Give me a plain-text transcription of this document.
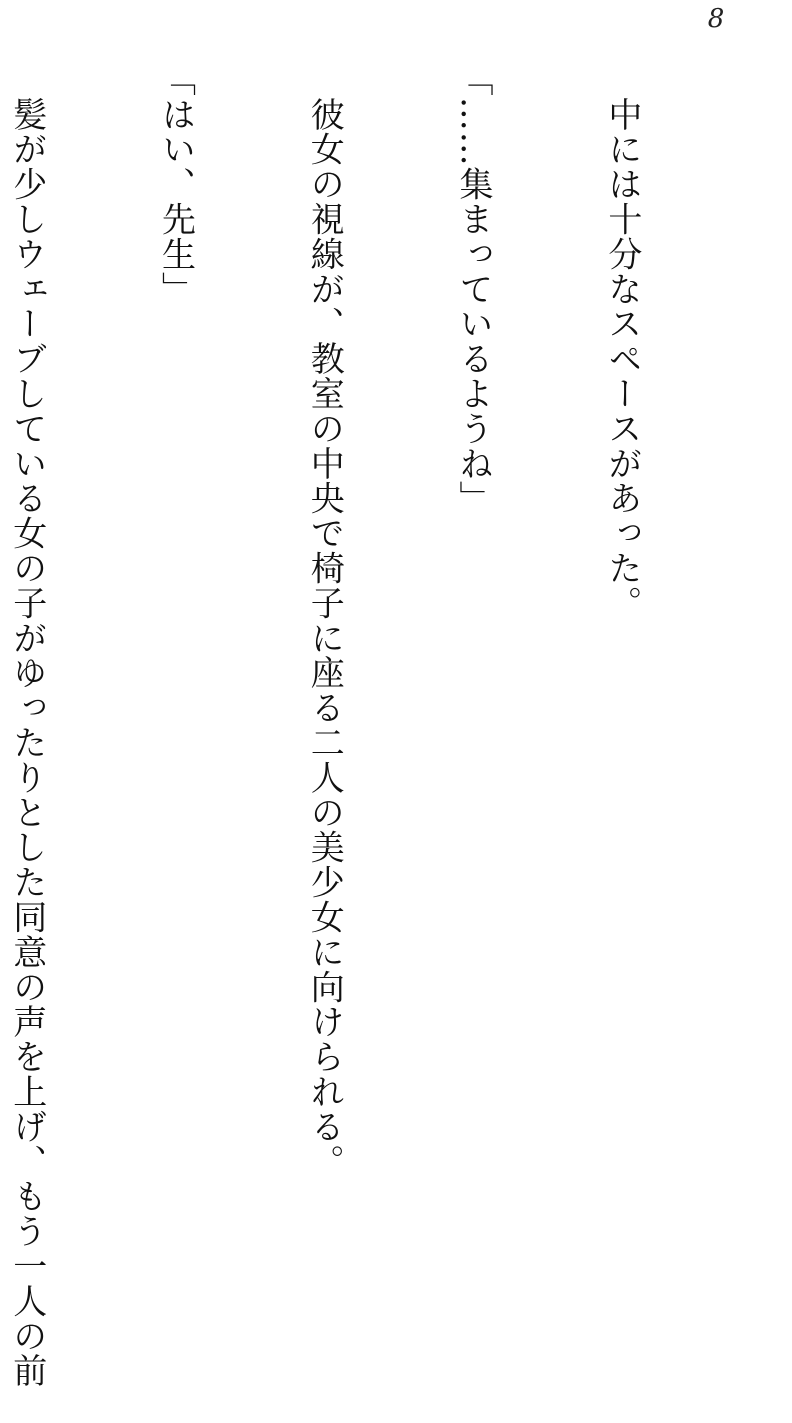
8

　中には十分なスペースがあった。

「……集まっているようね」

　彼女の視線が、教室の中央で椅子に座る二人の美少女に向けられる。

「はい、先生」

　髪が少しウェーブしている女の子がゆったりとした同意の声を上げ、もう一人の前
